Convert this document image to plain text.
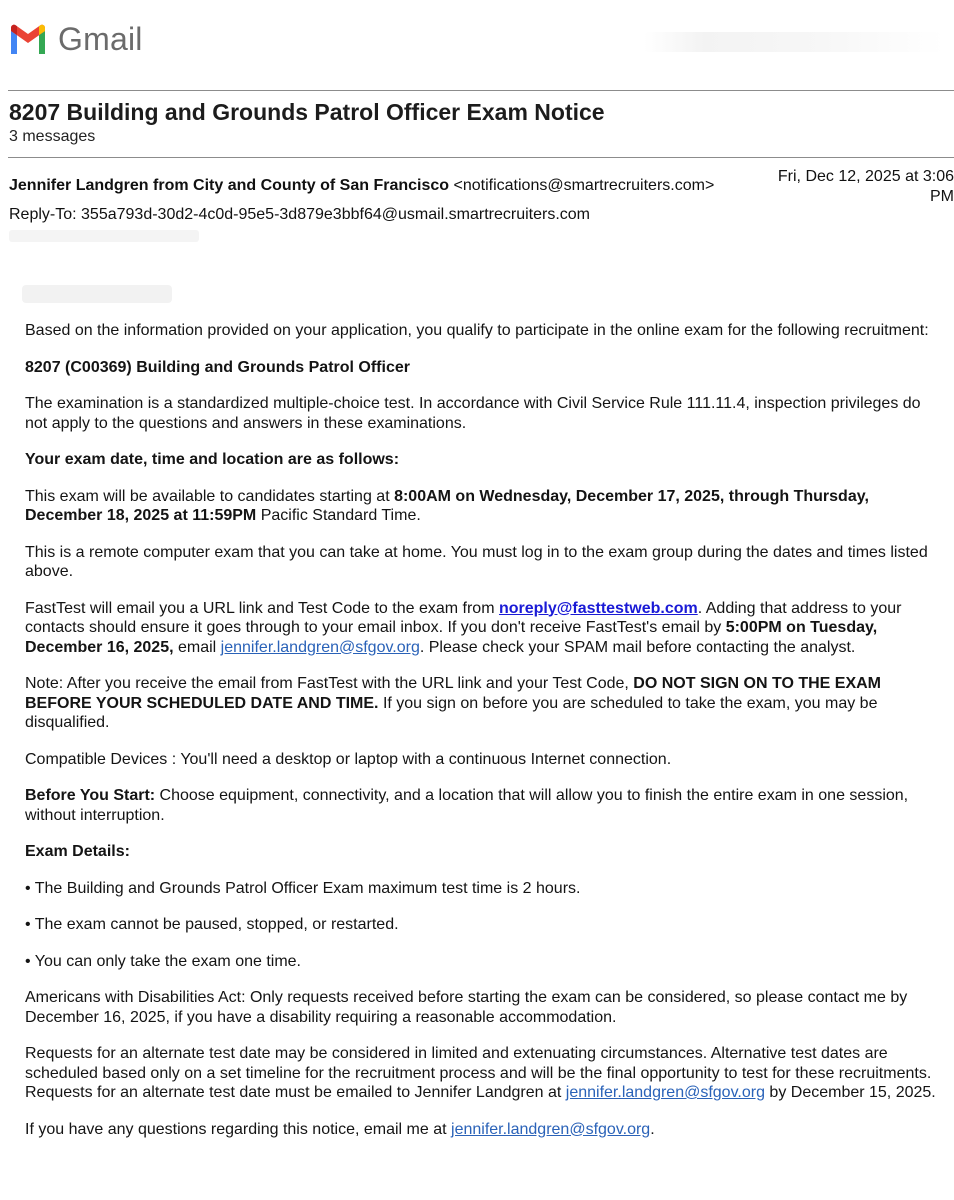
Gmail
8207 Building and Grounds Patrol Officer Exam Notice
3 messages
Jennifer Landgren from City and County of San Francisco <notifications@smartrecruiters.com>
Fri, Dec 12, 2025 at 3:06
PM
Reply-To: 355a793d-30d2-4c0d-95e5-3d879e3bbf64@usmail.smartrecruiters.com

Based on the information provided on your application, you qualify to participate in the online exam for the following recruitment:

8207 (C00369) Building and Grounds Patrol Officer

The examination is a standardized multiple-choice test. In accordance with Civil Service Rule 111.11.4, inspection privileges do not apply to the questions and answers in these examinations.

Your exam date, time and location are as follows:

This exam will be available to candidates starting at 8:00AM on Wednesday, December 17, 2025, through Thursday, December 18, 2025 at 11:59PM Pacific Standard Time.

This is a remote computer exam that you can take at home. You must log in to the exam group during the dates and times listed above.

FastTest will email you a URL link and Test Code to the exam from noreply@fasttestweb.com. Adding that address to your contacts should ensure it goes through to your email inbox. If you don't receive FastTest's email by 5:00PM on Tuesday, December 16, 2025, email jennifer.landgren@sfgov.org. Please check your SPAM mail before contacting the analyst.

Note: After you receive the email from FastTest with the URL link and your Test Code, DO NOT SIGN ON TO THE EXAM BEFORE YOUR SCHEDULED DATE AND TIME. If you sign on before you are scheduled to take the exam, you may be disqualified.

Compatible Devices : You'll need a desktop or laptop with a continuous Internet connection.

Before You Start: Choose equipment, connectivity, and a location that will allow you to finish the entire exam in one session, without interruption.

Exam Details:

• The Building and Grounds Patrol Officer Exam maximum test time is 2 hours.

• The exam cannot be paused, stopped, or restarted.

• You can only take the exam one time.

Americans with Disabilities Act: Only requests received before starting the exam can be considered, so please contact me by December 16, 2025, if you have a disability requiring a reasonable accommodation.

Requests for an alternate test date may be considered in limited and extenuating circumstances. Alternative test dates are scheduled based only on a set timeline for the recruitment process and will be the final opportunity to test for these recruitments. Requests for an alternate test date must be emailed to Jennifer Landgren at jennifer.landgren@sfgov.org by December 15, 2025.

If you have any questions regarding this notice, email me at jennifer.landgren@sfgov.org.
